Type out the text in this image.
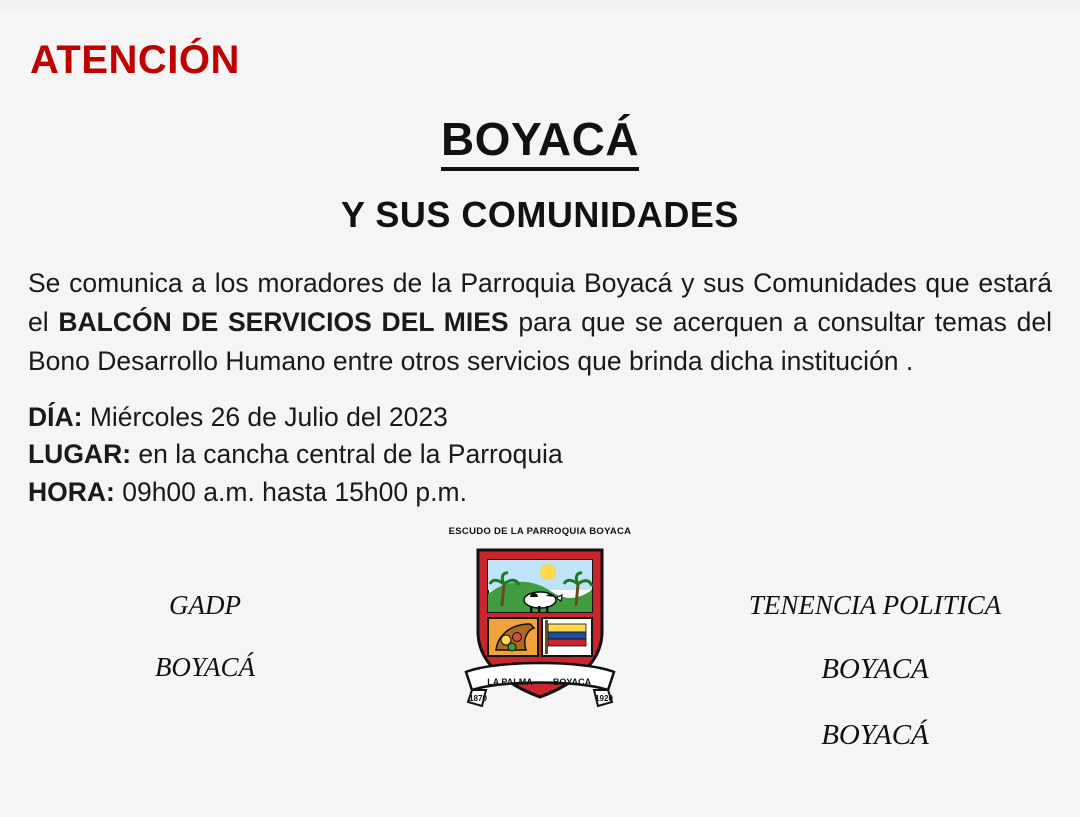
ATENCIÓN
BOYACÁ
Y SUS COMUNIDADES

Se comunica a los moradores de la Parroquia Boyacá y sus Comunidades que estará el BALCÓN DE SERVICIOS DEL MIES para que se acerquen a consultar temas del Bono Desarrollo Humano entre otros servicios que brinda dicha institución .

DÍA: Miércoles 26 de Julio del 2023
LUGAR: en la cancha central de la Parroquia
HORA: 09h00 a.m. hasta 15h00 p.m.
GADP
BOYACÁ
ESCUDO DE LA PARROQUIA BOYACA
LA PALMA BOYACA
1870	1920
TENENCIA POLITICA BOYACA
BOYACÁ
